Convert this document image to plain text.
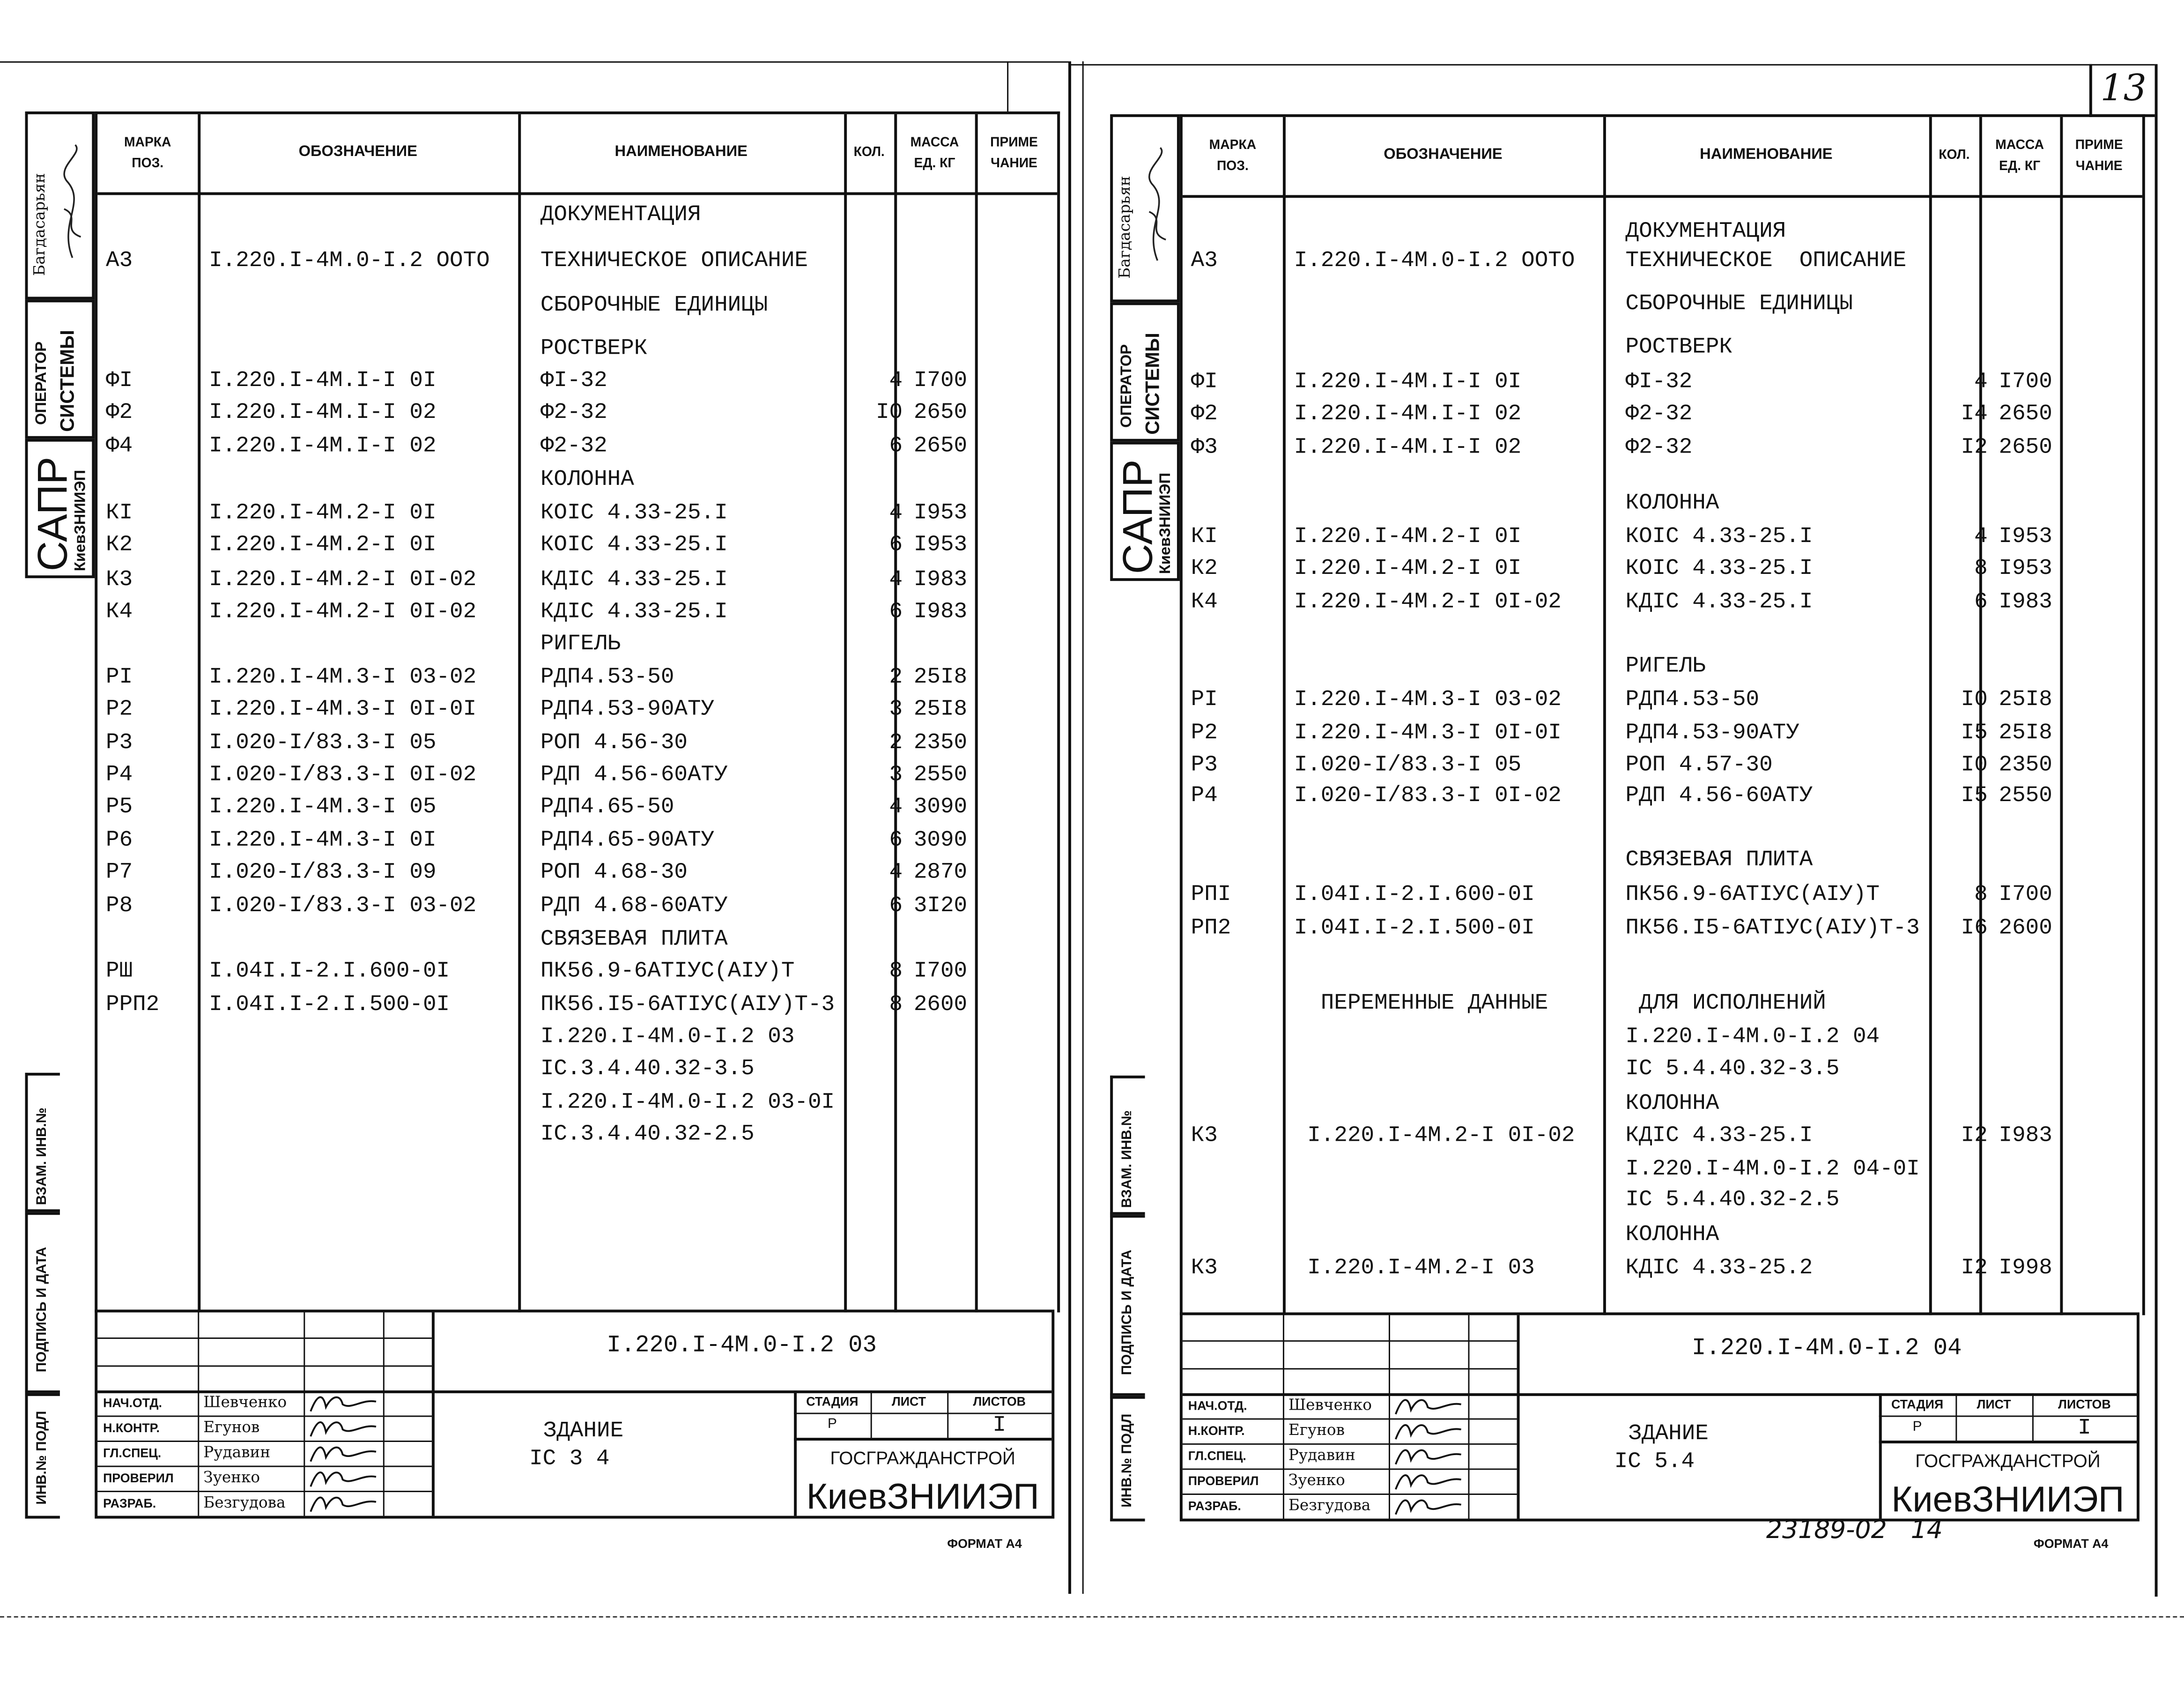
13
Багдасарьян
ОПЕРАТОР СИСТЕМЫ
САПР
КиевЗНИИЭП
ВЗАМ. ИНВ.№
ПОДПИСЬ И ДАТА
ИНВ.№ ПОДЛ
МАРКА
ПОЗ.
ОБОЗНАЧЕНИЕ	НАИМЕНОВАНИЕ	КОЛ.
МАССА
ЕД. КГ
ПРИМЕ
ЧАНИЕ
ДОКУМЕНТАЦИЯ
А3	I.220.I-4M.0-I.2 OOTO	ТЕХНИЧЕСКОЕ ОПИСАНИЕ
СБОРОЧНЫЕ ЕДИНИЦЫ
РОСТВЕРК
ФI	I.220.I-4M.I-I 0I	ФI-32	4 I700
Ф2	I.220.I-4M.I-I 02	Ф2-32	I0 2650
Ф4	I.220.I-4M.I-I 02	Ф2-32	6 2650
КОЛОННА
КI	I.220.I-4M.2-I 0I	КОIС 4.33-25.I	4 I953
К2	I.220.I-4M.2-I 0I	КОIС 4.33-25.I	6 I953
К3	I.220.I-4M.2-I 0I-02	КДIС 4.33-25.I	4 I983
К4	I.220.I-4M.2-I 0I-02	КДIС 4.33-25.I	6 I983
РИГЕЛЬ
PI	I.220.I-4M.3-I 03-02	РДП4.53-50	2 25I8
P2	I.220.I-4M.3-I 0I-0I	РДП4.53-90АТУ	3 25I8
P3	I.020-I/83.3-I 05	РОП 4.56-30	2 2350
P4	I.020-I/83.3-I 0I-02	РДП 4.56-60АТУ	3 2550
P5	I.220.I-4M.3-I 05	РДП4.65-50	4 3090
P6	I.220.I-4M.3-I 0I	РДП4.65-90АТУ	6 3090
P7	I.020-I/83.3-I 09	РОП 4.68-30	4 2870
P8	I.020-I/83.3-I 03-02	РДП 4.68-60АТУ	6 3I20
СВЯЗЕВАЯ ПЛИТА
РШ	I.04I.I-2.I.600-0I	ПК56.9-6АТIУС(АIУ)Т	8 I700
РРП2	I.04I.I-2.I.500-0I	ПК56.I5-6АТIУС(АIУ)Т-3	8 2600
I.220.I-4M.0-I.2 03
IC.3.4.40.32-3.5
I.220.I-4M.0-I.2 03-0I
IC.3.4.40.32-2.5
I.220.I-4M.0-I.2 03
ЗДАНИЕ
IC 3 4
СТАДИЯ	ЛИСТ	ЛИСТОВ
Р	I
ГОСГРАЖДАНСТРОЙ
КиевЗНИИЭП
НАЧ.ОТД.	Шевченко
Н.КОНТР.	Егунов
ГЛ.СПЕЦ.	Рудавин
ПРОВЕРИЛ	Зуенко
РАЗРАБ.	Безгудова
Багдасарьян
ОПЕРАТОР СИСТЕМЫ
САПР
КиевЗНИИЭП
ВЗАМ. ИНВ.№
ПОДПИСЬ И ДАТА
ИНВ.№ ПОДЛ
МАРКА
ПОЗ.
ОБОЗНАЧЕНИЕ	НАИМЕНОВАНИЕ	КОЛ.
МАССА
ЕД. КГ
ПРИМЕ
ЧАНИЕ
ДОКУМЕНТАЦИЯ
А3	I.220.I-4M.0-I.2 OOTO	ТЕХНИЧЕСКОЕ  ОПИСАНИЕ
СБОРОЧНЫЕ ЕДИНИЦЫ
РОСТВЕРК
ФI	I.220.I-4M.I-I 0I	ФI-32	4 I700
Ф2	I.220.I-4M.I-I 02	Ф2-32	I4 2650
Ф3	I.220.I-4M.I-I 02	Ф2-32	I2 2650
КОЛОННА
КI	I.220.I-4M.2-I 0I	КОIС 4.33-25.I	4 I953
К2	I.220.I-4M.2-I 0I	КОIС 4.33-25.I	8 I953
К4	I.220.I-4M.2-I 0I-02	КДIС 4.33-25.I	6 I983
РИГЕЛЬ
PI	I.220.I-4M.3-I 03-02	РДП4.53-50	I0 25I8
P2	I.220.I-4M.3-I 0I-0I	РДП4.53-90АТУ	I5 25I8
P3	I.020-I/83.3-I 05	РОП 4.57-30	I0 2350
P4	I.020-I/83.3-I 0I-02	РДП 4.56-60АТУ	I5 2550
СВЯЗЕВАЯ ПЛИТА
РПI	I.04I.I-2.I.600-0I	ПК56.9-6АТIУС(АIУ)Т	8 I700
РП2	I.04I.I-2.I.500-0I	ПК56.I5-6АТIУС(АIУ)Т-3	I6 2600
ПЕРЕМЕННЫЕ ДАННЫЕ	ДЛЯ ИСПОЛНЕНИЙ
I.220.I-4M.0-I.2 04
IC 5.4.40.32-3.5
КОЛОННА
К3	I.220.I-4M.2-I 0I-02	КДIС 4.33-25.I	I2 I983
I.220.I-4M.0-I.2 04-0I
IC 5.4.40.32-2.5
КОЛОННА
К3	I.220.I-4M.2-I 03	КДIС 4.33-25.2	I2 I998
I.220.I-4M.0-I.2 04
ЗДАНИЕ
IC 5.4
СТАДИЯ	ЛИСТ	ЛИСТОВ
Р	I
ГОСГРАЖДАНСТРОЙ
КиевЗНИИЭП
НАЧ.ОТД.	Шевченко
Н.КОНТР.	Егунов
ГЛ.СПЕЦ.	Рудавин
ПРОВЕРИЛ	Зуенко
РАЗРАБ.	Безгудова
ФОРМАТ А4	ФОРМАТ А4
23189-02   14
